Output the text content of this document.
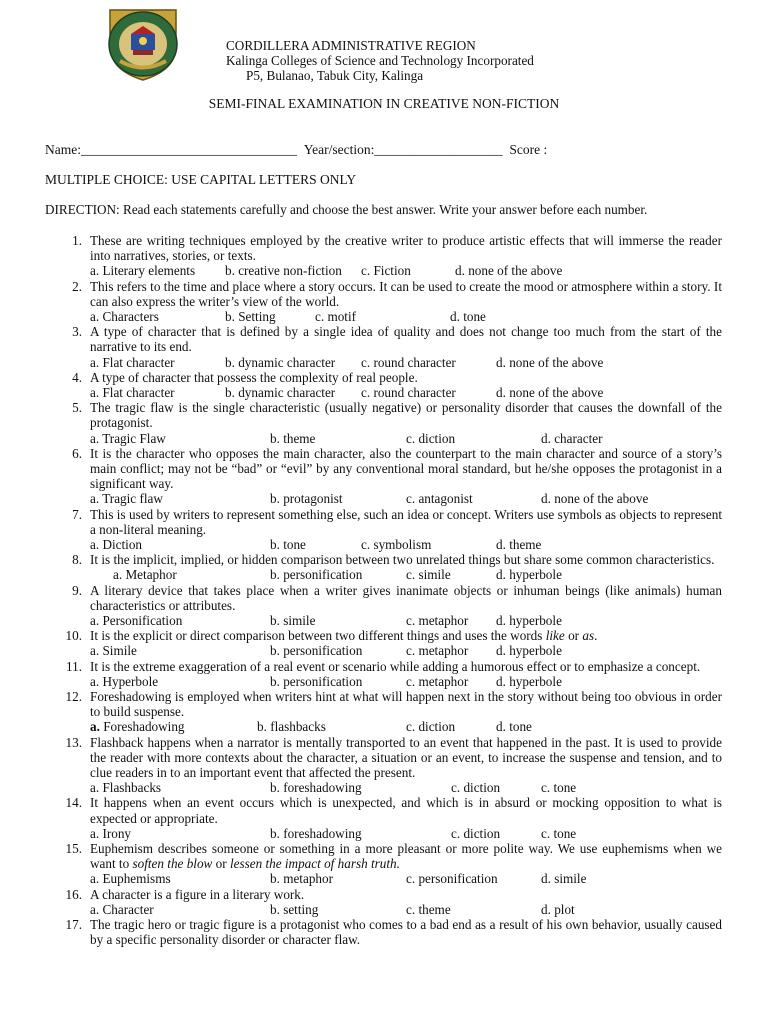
CORDILLERA ADMINISTRATIVE REGION
Kalinga Colleges of Science and Technology Incorporated
P5, Bulanao, Tabuk City, Kalinga
SEMI-FINAL EXAMINATION IN CREATIVE NON-FICTION
Name:________________________________ Year/section:___________________ Score :
MULTIPLE CHOICE: USE CAPITAL LETTERS ONLY
DIRECTION: Read each statements carefully and choose the best answer. Write your answer before each number.
1. These are writing techniques employed by the creative writer to produce artistic effects that will immerse the reader into narratives, stories, or texts.
a. Literary elements b. creative non-fiction c. Fiction	d. none of the above
2. This refers to the time and place where a story occurs. It can be used to create the mood or atmosphere within a story. It can also express the writer’s view of the world.
a. Characters	b. Setting	c. motif	d. tone
3. A type of character that is defined by a single idea of quality and does not change too much from the start of the narrative to its end.
a. Flat character	b. dynamic character c. round character	d. none of the above
4. A type of character that possess the complexity of real people.
a. Flat character	b. dynamic character c. round character	d. none of the above
5. The tragic flaw is the single characteristic (usually negative) or personality disorder that causes the downfall of the protagonist.
a. Tragic Flaw	b. theme	c. diction	d. character
6. It is the character who opposes the main character, also the counterpart to the main character and source of a story’s main conflict; may not be “bad” or “evil” by any conventional moral standard, but he/she opposes the protagonist in a significant way.
a. Tragic flaw	b. protagonist	c. antagonist	d. none of the above
7. This is used by writers to represent something else, such an idea or concept. Writers use symbols as objects to represent a non-literal meaning.
a. Diction	b. tone	c. symbolism	d. theme
8. It is the implicit, implied, or hidden comparison between two unrelated things but share some common characteristics.
a. Metaphor	b. personification	c. simile	d. hyperbole
9. A literary device that takes place when a writer gives inanimate objects or inhuman beings (like animals) human characteristics or attributes.
a. Personification	b. simile	c. metaphor d. hyperbole
10. It is the explicit or direct comparison between two different things and uses the words like or as.
a. Simile	b. personification	c. metaphor d. hyperbole
11. It is the extreme exaggeration of a real event or scenario while adding a humorous effect or to emphasize a concept.
a. Hyperbole	b. personification	c. metaphor d. hyperbole
12. Foreshadowing is employed when writers hint at what will happen next in the story without being too obvious in order to build suspense.
a. Foreshadowing	b. flashbacks	c. diction	d. tone
13. Flashback happens when a narrator is mentally transported to an event that happened in the past. It is used to provide the reader with more contexts about the character, a situation or an event, to increase the suspense and tension, and to clue readers in to an important event that affected the present.
a. Flashbacks	b. foreshadowing	c. diction	c. tone
14. It happens when an event occurs which is unexpected, and which is in absurd or mocking opposition to what is expected or appropriate.
a. Irony	b. foreshadowing	c. diction	c. tone
15. Euphemism describes someone or something in a more pleasant or more polite way. We use euphemisms when we want to soften the blow or lessen the impact of harsh truth.
a. Euphemisms	b. metaphor	c. personification	d. simile
16. A character is a figure in a literary work.
a. Character	b. setting	c. theme	d. plot
17. The tragic hero or tragic figure is a protagonist who comes to a bad end as a result of his own behavior, usually caused by a specific personality disorder or character flaw.
